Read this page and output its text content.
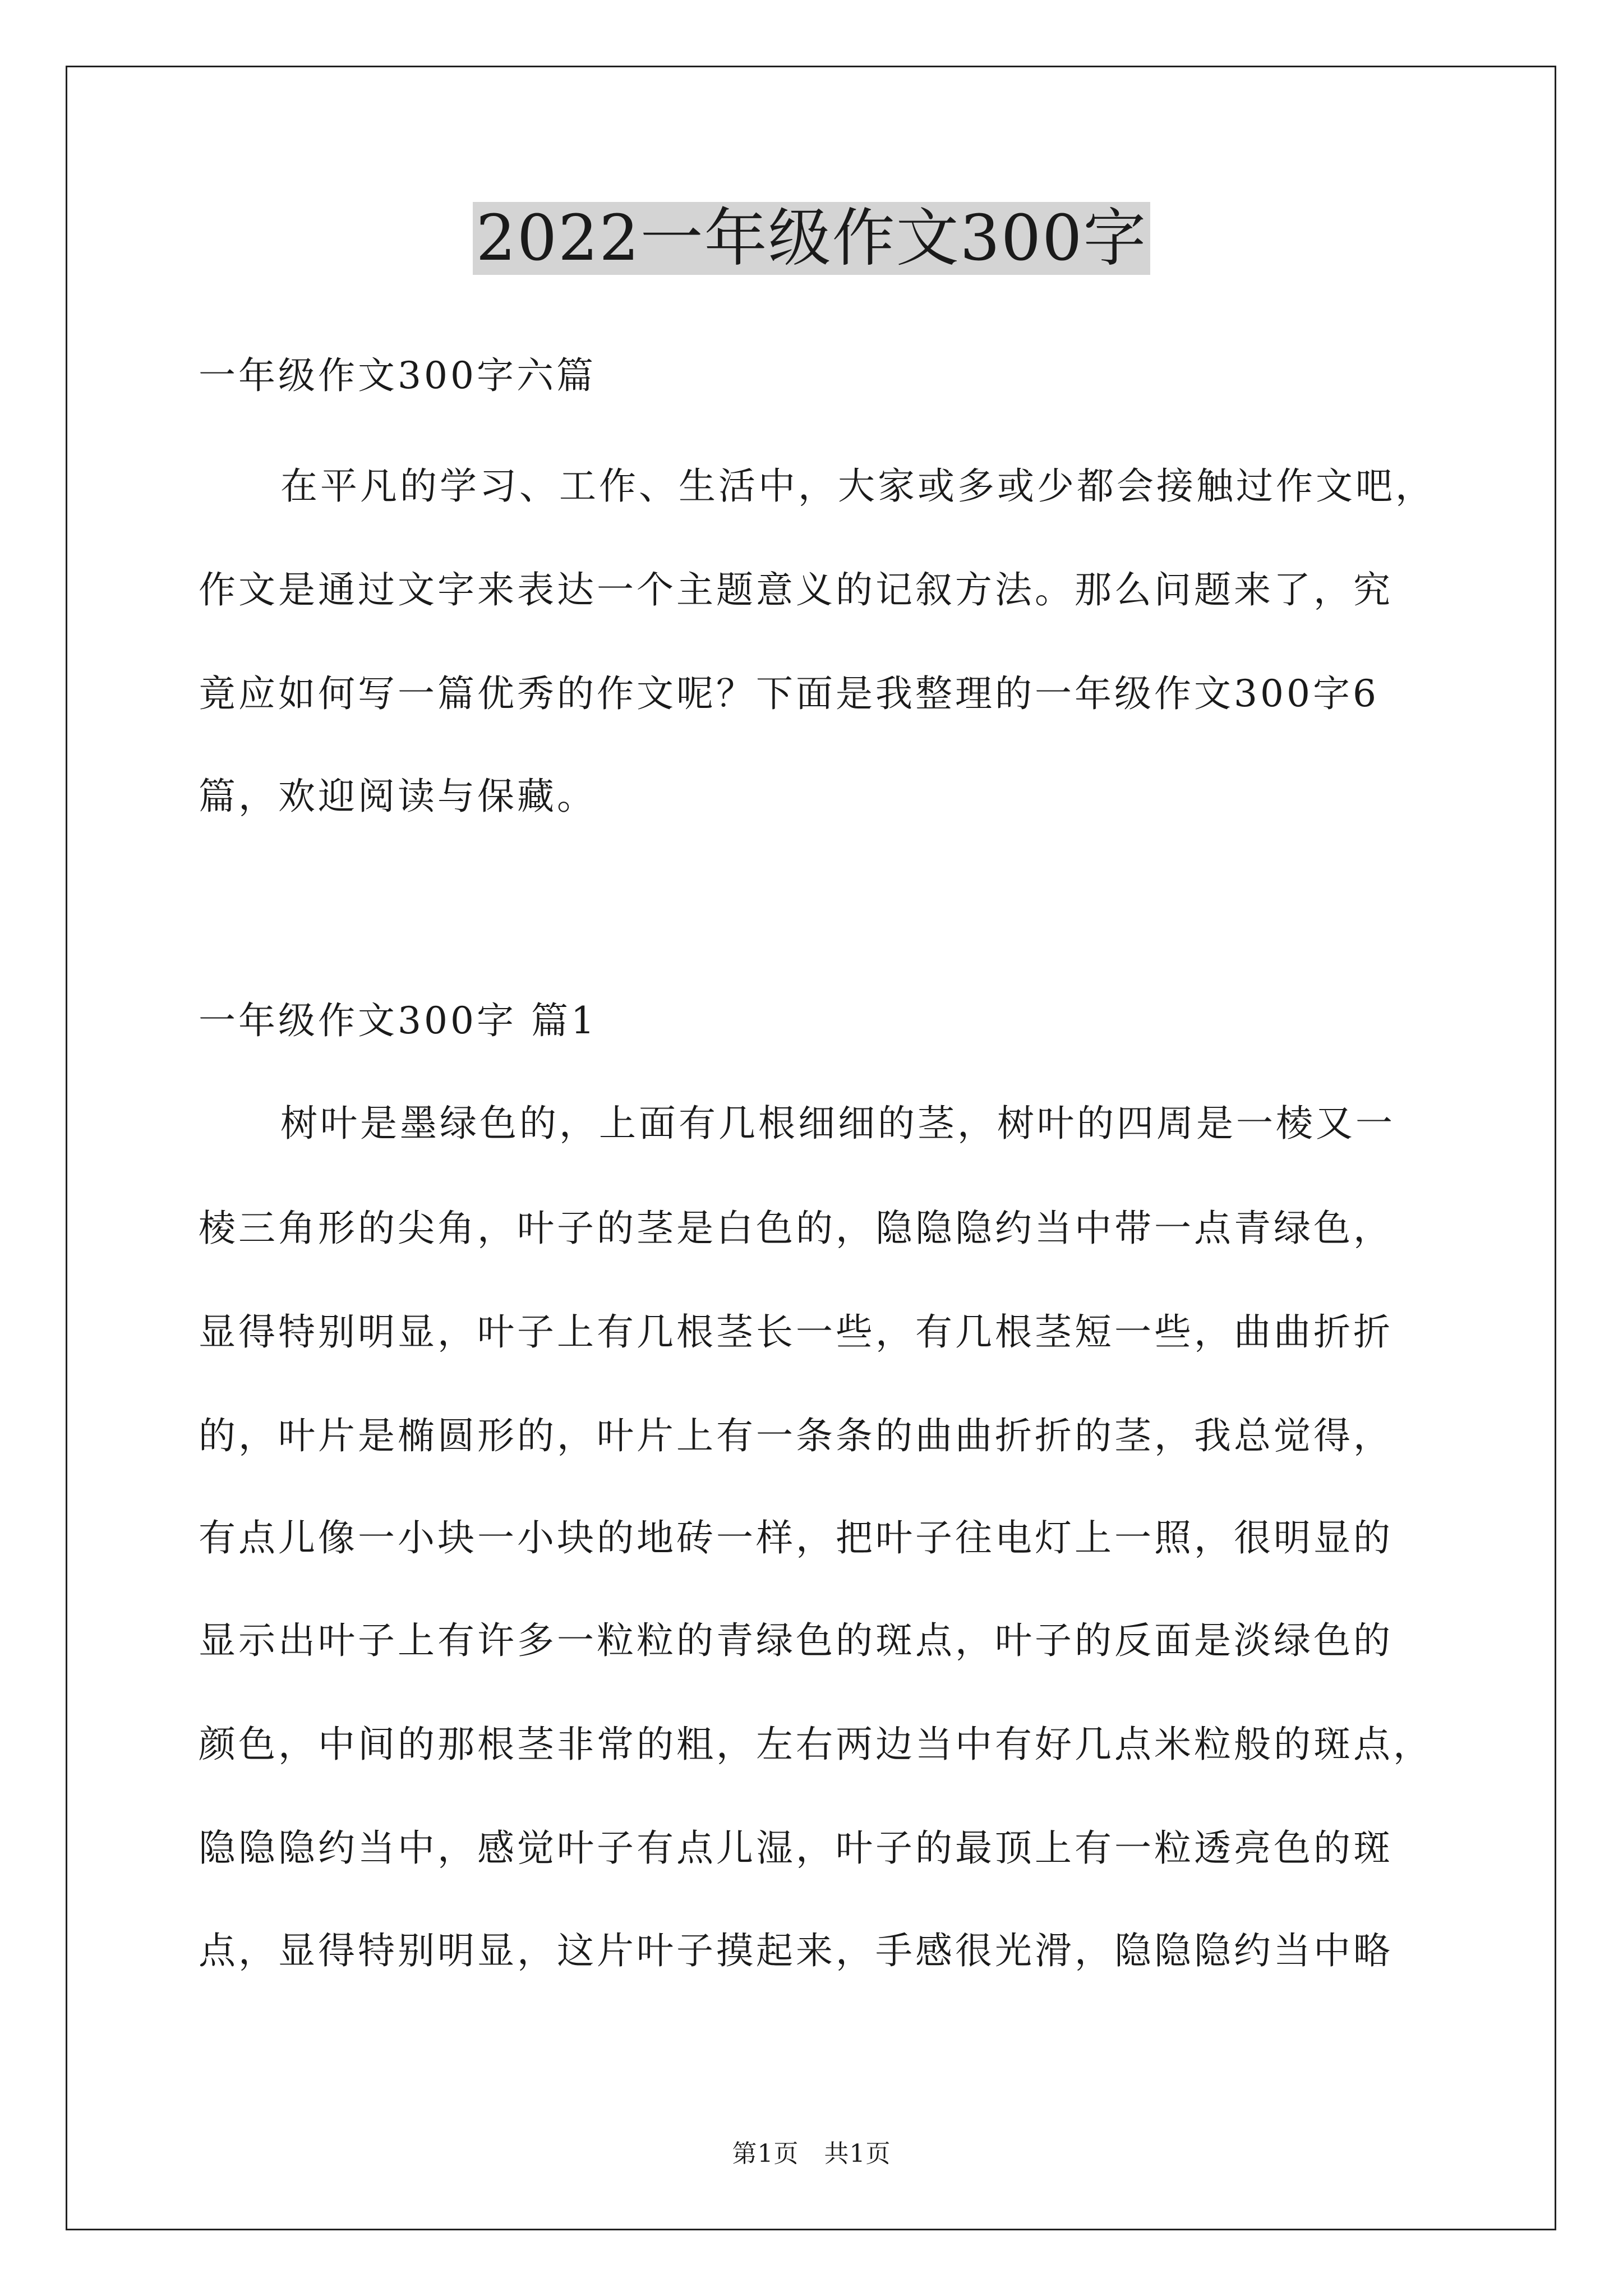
2022一年级作文300字
一年级作文300字六篇
在平凡的学习、工作、生活中，大家或多或少都会接触过作文吧，
作文是通过文字来表达一个主题意义的记叙方法。那么问题来了，究
竟应如何写一篇优秀的作文呢？下面是我整理的一年级作文300字6
篇，欢迎阅读与保藏。
一年级作文300字 篇1
树叶是墨绿色的，上面有几根细细的茎，树叶的四周是一棱又一
棱三角形的尖角，叶子的茎是白色的，隐隐隐约当中带一点青绿色，
显得特别明显，叶子上有几根茎长一些，有几根茎短一些，曲曲折折
的，叶片是椭圆形的，叶片上有一条条的曲曲折折的茎，我总觉得，
有点儿像一小块一小块的地砖一样，把叶子往电灯上一照，很明显的
显示出叶子上有许多一粒粒的青绿色的斑点，叶子的反面是淡绿色的
颜色，中间的那根茎非常的粗，左右两边当中有好几点米粒般的斑点，
隐隐隐约当中，感觉叶子有点儿湿，叶子的最顶上有一粒透亮色的斑
点，显得特别明显，这片叶子摸起来，手感很光滑，隐隐隐约当中略
第1页　共1页
